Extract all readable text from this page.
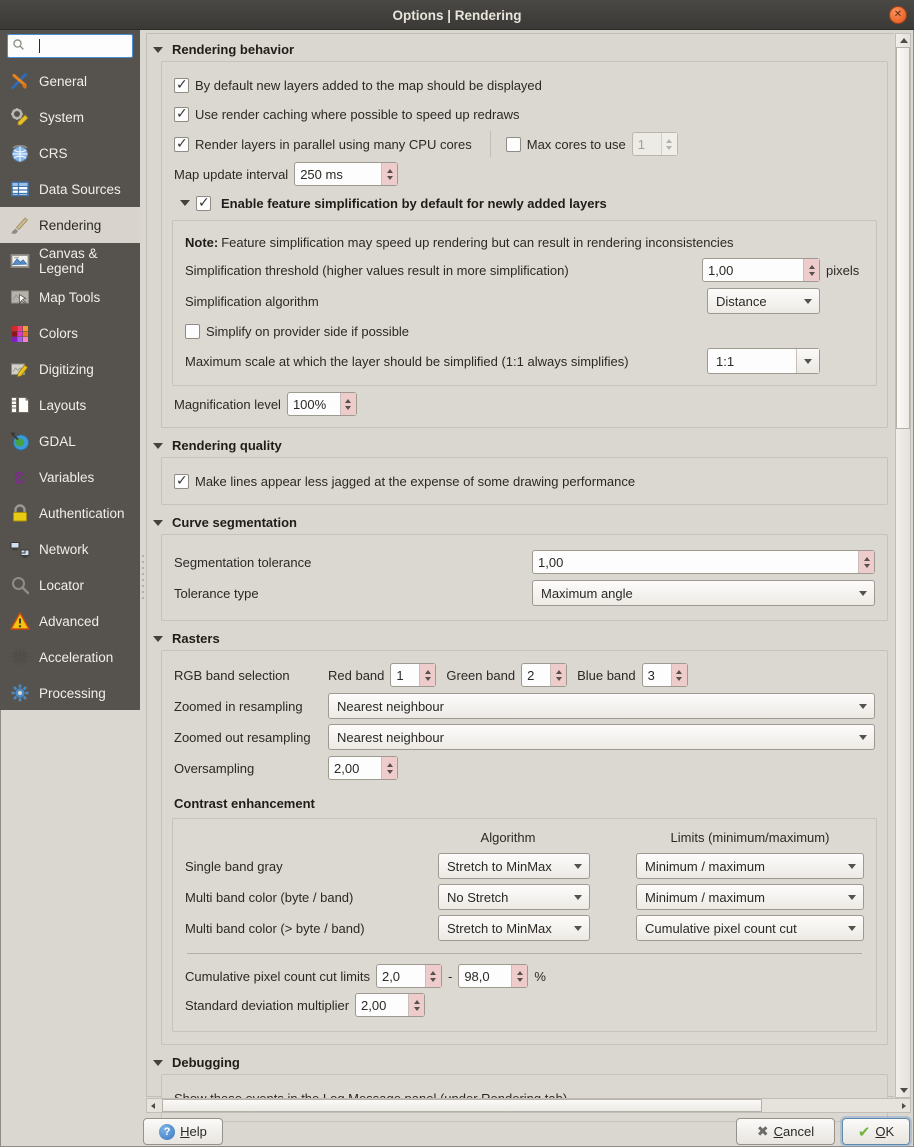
Options | Rendering	✕
General
System
CRS
Data Sources
Rendering
Canvas & Legend
Map Tools
Colors
Digitizing
Layouts
GDAL
Ɛ Variables
Authentication
Network
Locator
Advanced
Acceleration
Processing
Rendering behavior
✓
By default new layers added to the map should be displayed
✓
Use render caching where possible to speed up redraws
✓
Render layers in parallel using many CPU cores	Max cores to use 1
Map update interval 250 ms
✓
Enable feature simplification by default for newly added layers
Note: Feature simplification may speed up rendering but can result in rendering inconsistencies
Simplification threshold (higher values result in more simplification)	1,00	pixels
Simplification algorithm	Distance
Simplify on provider side if possible
Maximum scale at which the layer should be simplified (1:1 always simplifies)	1:1
Magnification level 100%
Rendering quality
✓
Make lines appear less jagged at the expense of some drawing performance
Curve segmentation
Segmentation tolerance	1,00
Tolerance type	Maximum angle
Rasters
RGB band selection	Red band 1	Green band 2	Blue band 3
Zoomed in resampling	Nearest neighbour
Zoomed out resampling	Nearest neighbour
Oversampling	2,00
Contrast enhancement
Algorithm	Limits (minimum/maximum)
Single band gray	Stretch to MinMax	Minimum / maximum
Multi band color (byte / band)	No Stretch	Minimum / maximum
Multi band color (> byte / band)	Stretch to MinMax	Cumulative pixel count cut
Cumulative pixel count cut limits 2,0	- 98,0	%
Standard deviation multiplier 2,00
Debugging
? Help	✖ Cancel	✔ OK
